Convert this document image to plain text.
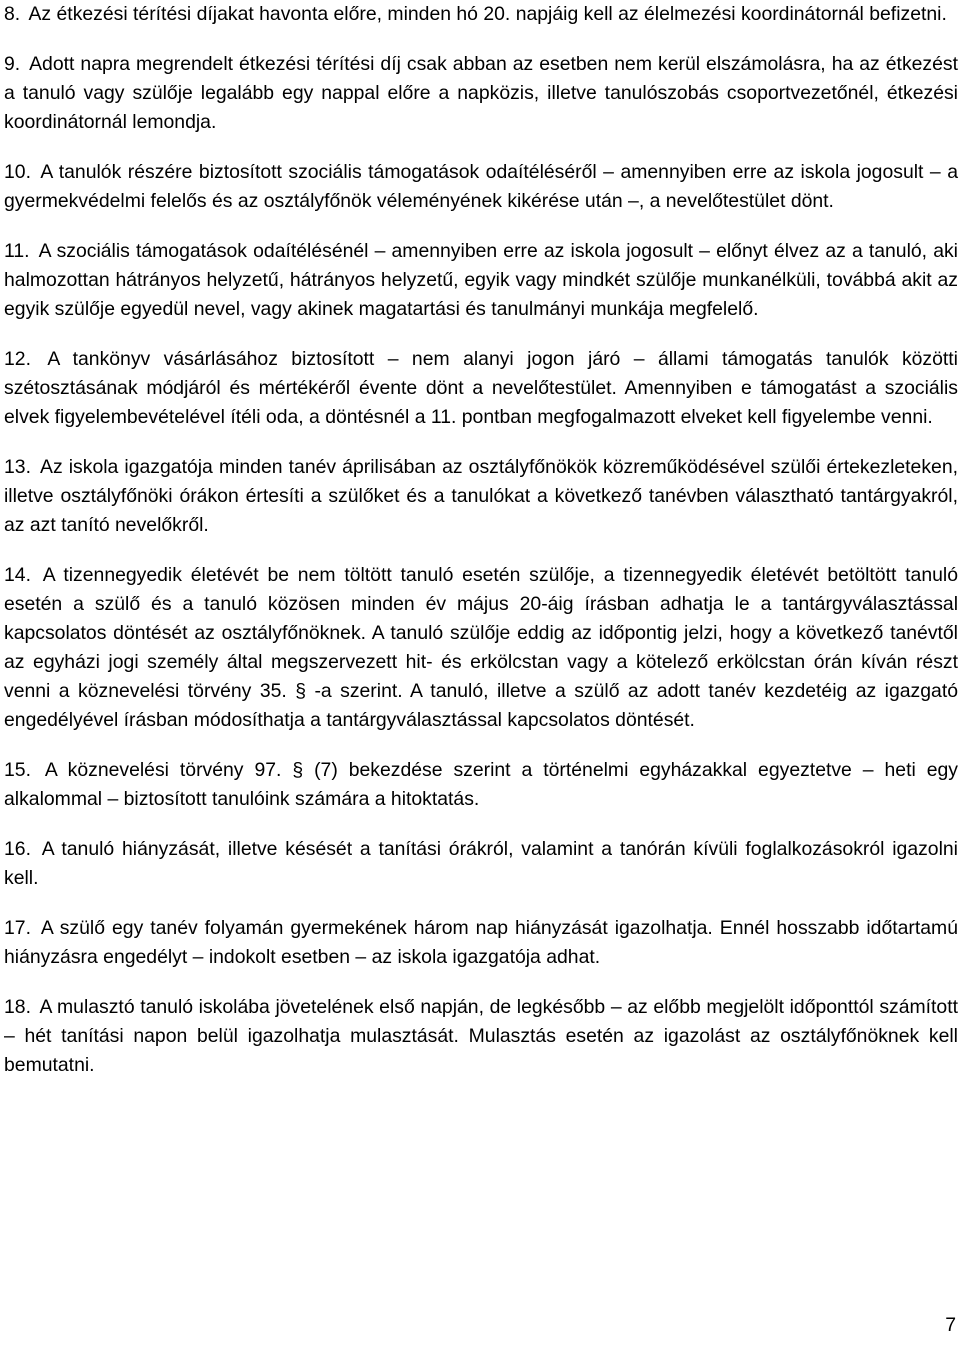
8. Az étkezési térítési díjakat havonta előre, minden hó 20. napjáig kell az élelmezési koordinátornál befizetni.

9. Adott napra megrendelt étkezési térítési díj csak abban az esetben nem kerül elszámolásra, ha az étkezést a tanuló vagy szülője legalább egy nappal előre a napközis, illetve tanulószobás csoportvezetőnél, étkezési koordinátornál lemondja.

10. A tanulók részére biztosított szociális támogatások odaítéléséről – amennyiben erre az iskola jogosult – a gyermekvédelmi felelős és az osztályfőnök véleményének kikérése után –, a nevelőtestület dönt.

11. A szociális támogatások odaítélésénél – amennyiben erre az iskola jogosult – előnyt élvez az a tanuló, aki halmozottan hátrányos helyzetű, hátrányos helyzetű, egyik vagy mindkét szülője munkanélküli, továbbá akit az egyik szülője egyedül nevel, vagy akinek magatartási és tanulmányi munkája megfelelő.

12. A tankönyv vásárlásához biztosított – nem alanyi jogon járó – állami támogatás tanulók közötti szétosztásának módjáról és mértékéről évente dönt a nevelőtestület. Amennyiben e támogatást a szociális elvek figyelembevételével ítéli oda, a döntésnél a 11. pontban megfogalmazott elveket kell figyelembe venni.

13. Az iskola igazgatója minden tanév áprilisában az osztályfőnökök közreműködésével szülői értekezleteken, illetve osztályfőnöki órákon értesíti a szülőket és a tanulókat a következő tanévben választható tantárgyakról, az azt tanító nevelőkről.

14. A tizennegyedik életévét be nem töltött tanuló esetén szülője, a tizennegyedik életévét betöltött tanuló esetén a szülő és a tanuló közösen minden év május 20-áig írásban adhatja le a tantárgyválasztással kapcsolatos döntését az osztályfőnöknek. A tanuló szülője eddig az időpontig jelzi, hogy a következő tanévtől az egyházi jogi személy által megszervezett hit- és erkölcstan vagy a kötelező erkölcstan órán kíván részt venni a köznevelési törvény 35. § -a szerint. A tanuló, illetve a szülő az adott tanév kezdetéig az igazgató engedélyével írásban módosíthatja a tantárgyválasztással kapcsolatos döntését.

15. A köznevelési törvény 97. § (7) bekezdése szerint a történelmi egyházakkal egyeztetve – heti egy alkalommal – biztosított tanulóink számára a hitoktatás.

16. A tanuló hiányzását, illetve késését a tanítási órákról, valamint a tanórán kívüli foglalkozásokról igazolni kell.

17. A szülő egy tanév folyamán gyermekének három nap hiányzását igazolhatja. Ennél hosszabb időtartamú hiányzásra engedélyt – indokolt esetben – az iskola igazgatója adhat.

18. A mulasztó tanuló iskolába jövetelének első napján, de legkésőbb – az előbb megjelölt időponttól számított – hét tanítási napon belül igazolhatja mulasztását. Mulasztás esetén az igazolást az osztályfőnöknek kell bemutatni.

7
